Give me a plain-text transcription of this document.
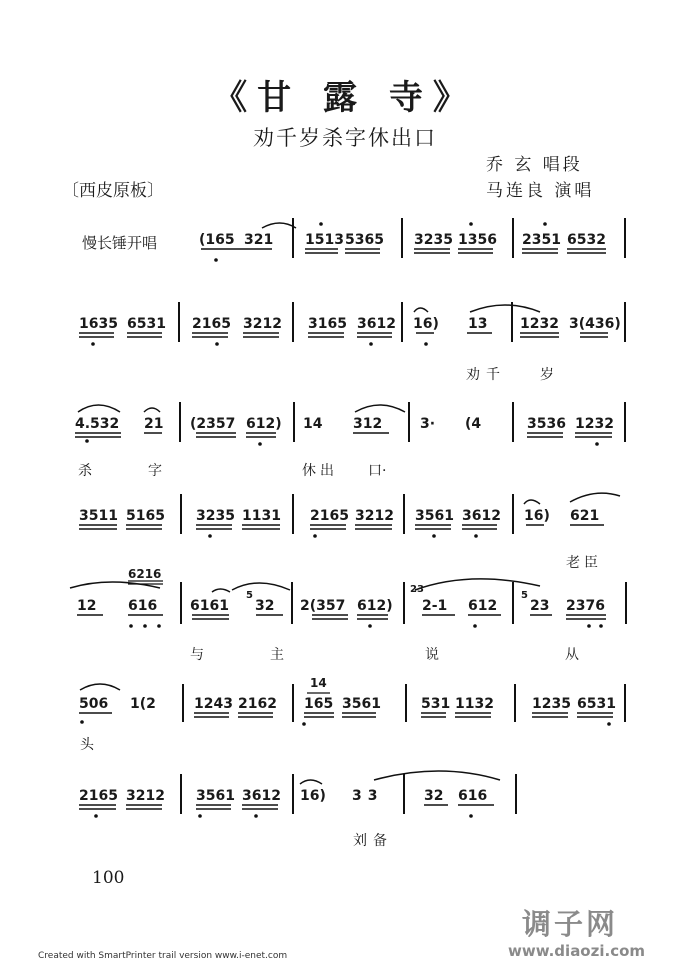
《甘 露 寺》
劝千岁杀字休出口
乔 玄 唱段
马连良 演唱
〔西皮原板〕
慢长锤开唱	(165 321 1513 5365 3235 1356 2351 6532
1635 6531 2165 3212 3165 3612 16) 13 1232 3(436)
劝千 岁
4.532 21 (2357 612) 14 312	3· (4	3536 1232
杀	字	休出 口·
3511 5165 3235 1131 2165 3212 3561 3612 16) 621
老臣
6216
12 616 6161
5
32 2(357 612)
23
2-1 612
5
23 2376
与	主	说	从
506 1(2	1243 2162
14
165 3561	531 1132	1235 6531
头
2165 3212 3561 3612 16) 33	32 616
刘备
100
Created with SmartPrinter trail version www.i-enet.com
调子网
www.diaozi.com
